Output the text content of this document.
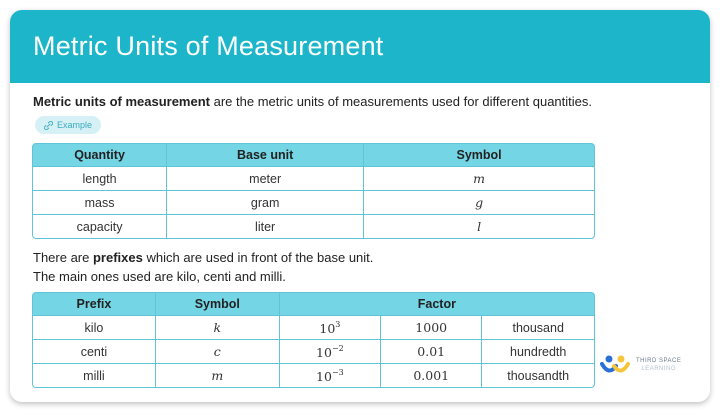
Metric Units of Measurement

Metric units of measurement are the metric units of measurements used for different quantities.

Example
Quantity	Base unit	Symbol
length	meter	m
mass	gram	g
capacity	liter	l

There are prefixes which are used in front of the base unit.

The main ones used are kilo, centi and milli.

Prefix	Symbol	Factor		
kilo	k	$10^3$	1000	thousand
centi	c	$10^{-2}$	0.01	hundredth
milli	m	$10^{-3}$	0.001	thousandth
THIRD SPACE
LEARNING
